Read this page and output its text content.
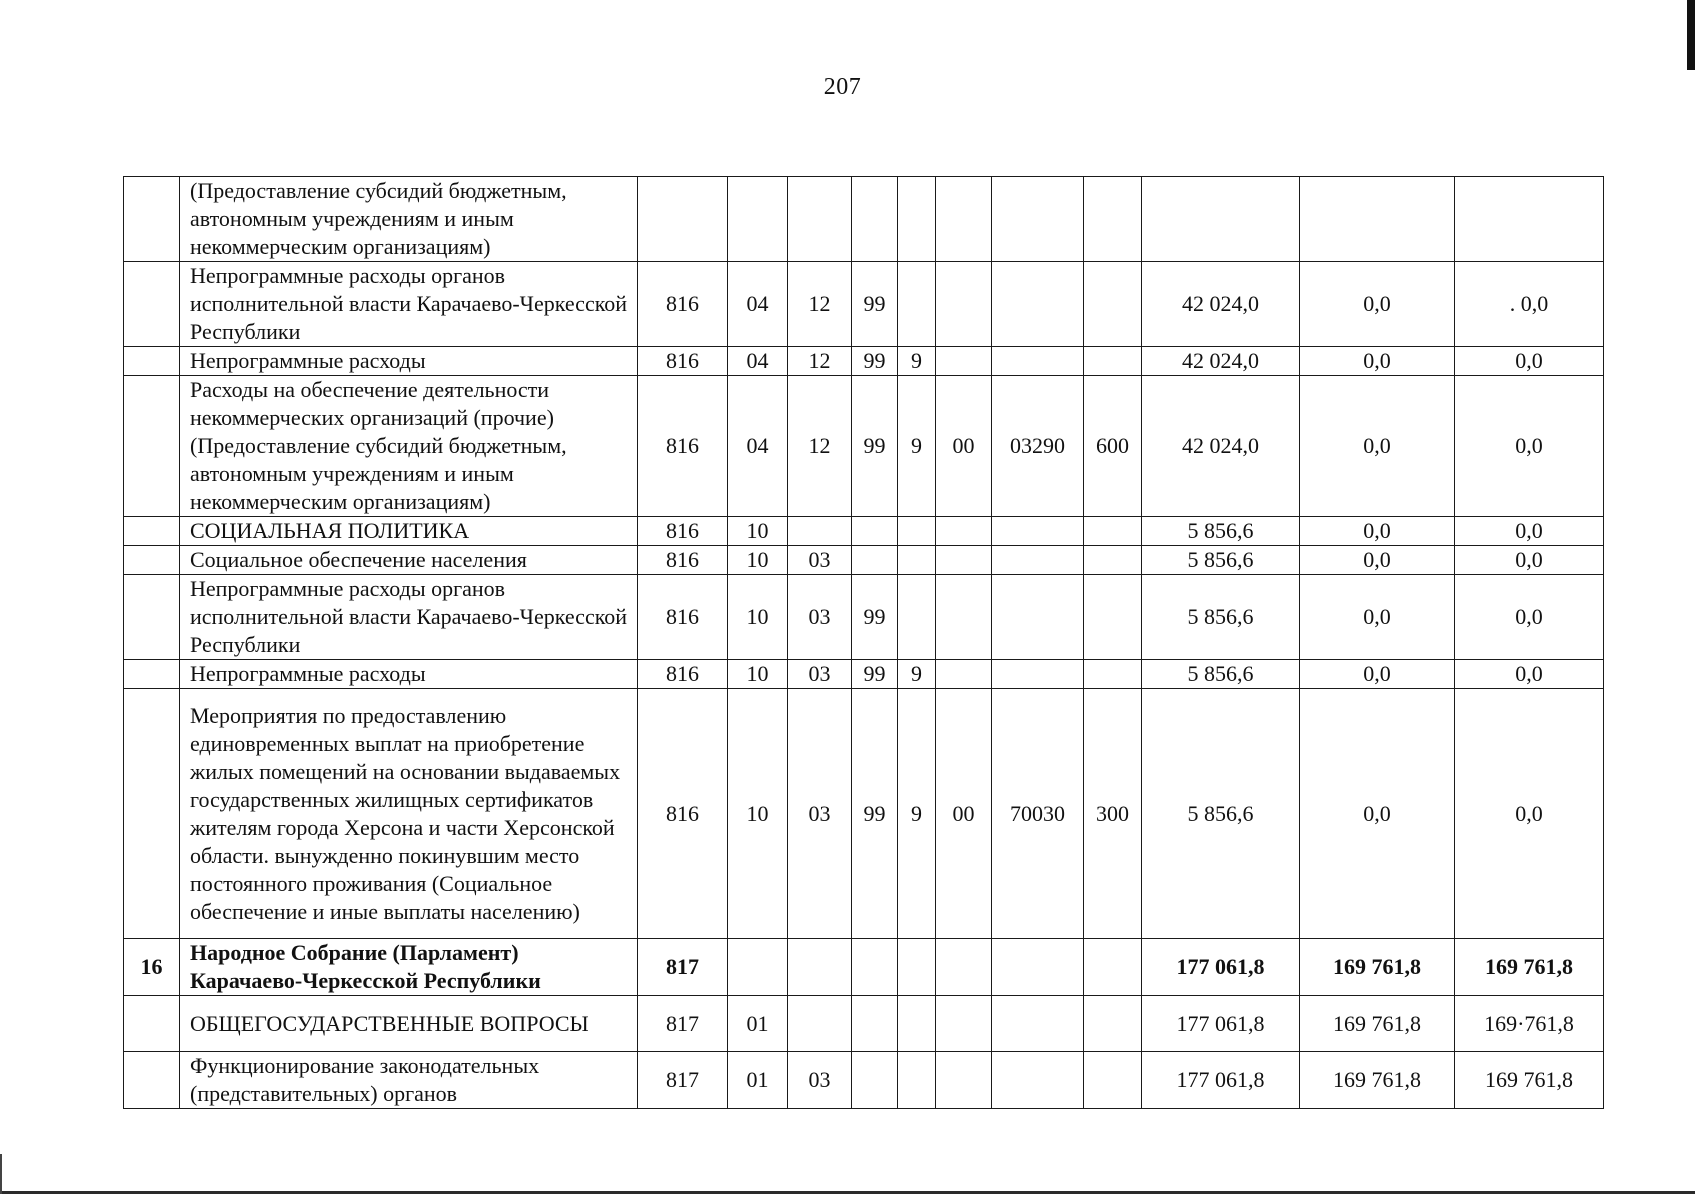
207
	(Предоставление субсидий бюджетным, автономным учреждениям и иным некоммерческим организациям)											
	Непрограммные расходы органов исполнительной власти Карачаево-Черкесской Республики	816	04	12	99					42 024,0	0,0	. 0,0
	Непрограммные расходы	816	04	12	99	9				42 024,0	0,0	0,0
	Расходы на обеспечение деятельности некоммерческих организаций (прочие) (Предоставление субсидий бюджетным, автономным учреждениям и иным некоммерческим организациям)	816	04	12	99	9	00	03290	600	42 024,0	0,0	0,0
	СОЦИАЛЬНАЯ ПОЛИТИКА	816	10							5 856,6	0,0	0,0
	Социальное обеспечение населения	816	10	03						5 856,6	0,0	0,0
	Непрограммные расходы органов исполнительной власти Карачаево-Черкесской Республики	816	10	03	99					5 856,6	0,0	0,0
	Непрограммные расходы	816	10	03	99	9				5 856,6	0,0	0,0
	Мероприятия по предоставлению единовременных выплат на приобретение жилых помещений на основании выдаваемых государственных жилищных сертификатов жителям города Херсона и части Херсонской области. вынужденно покинувшим место постоянного проживания (Социальное обеспечение и иные выплаты населению)	816	10	03	99	9	00	70030	300	5 856,6	0,0	0,0
16	Народное Собрание (Парламент) Карачаево-Черкесской Республики	817								177 061,8	169 761,8	169 761,8
	ОБЩЕГОСУДАРСТВЕННЫЕ ВОПРОСЫ	817	01							177 061,8	169 761,8	169·761,8
	Функционирование законодательных (представительных) органов	817	01	03						177 061,8	169 761,8	169 761,8
